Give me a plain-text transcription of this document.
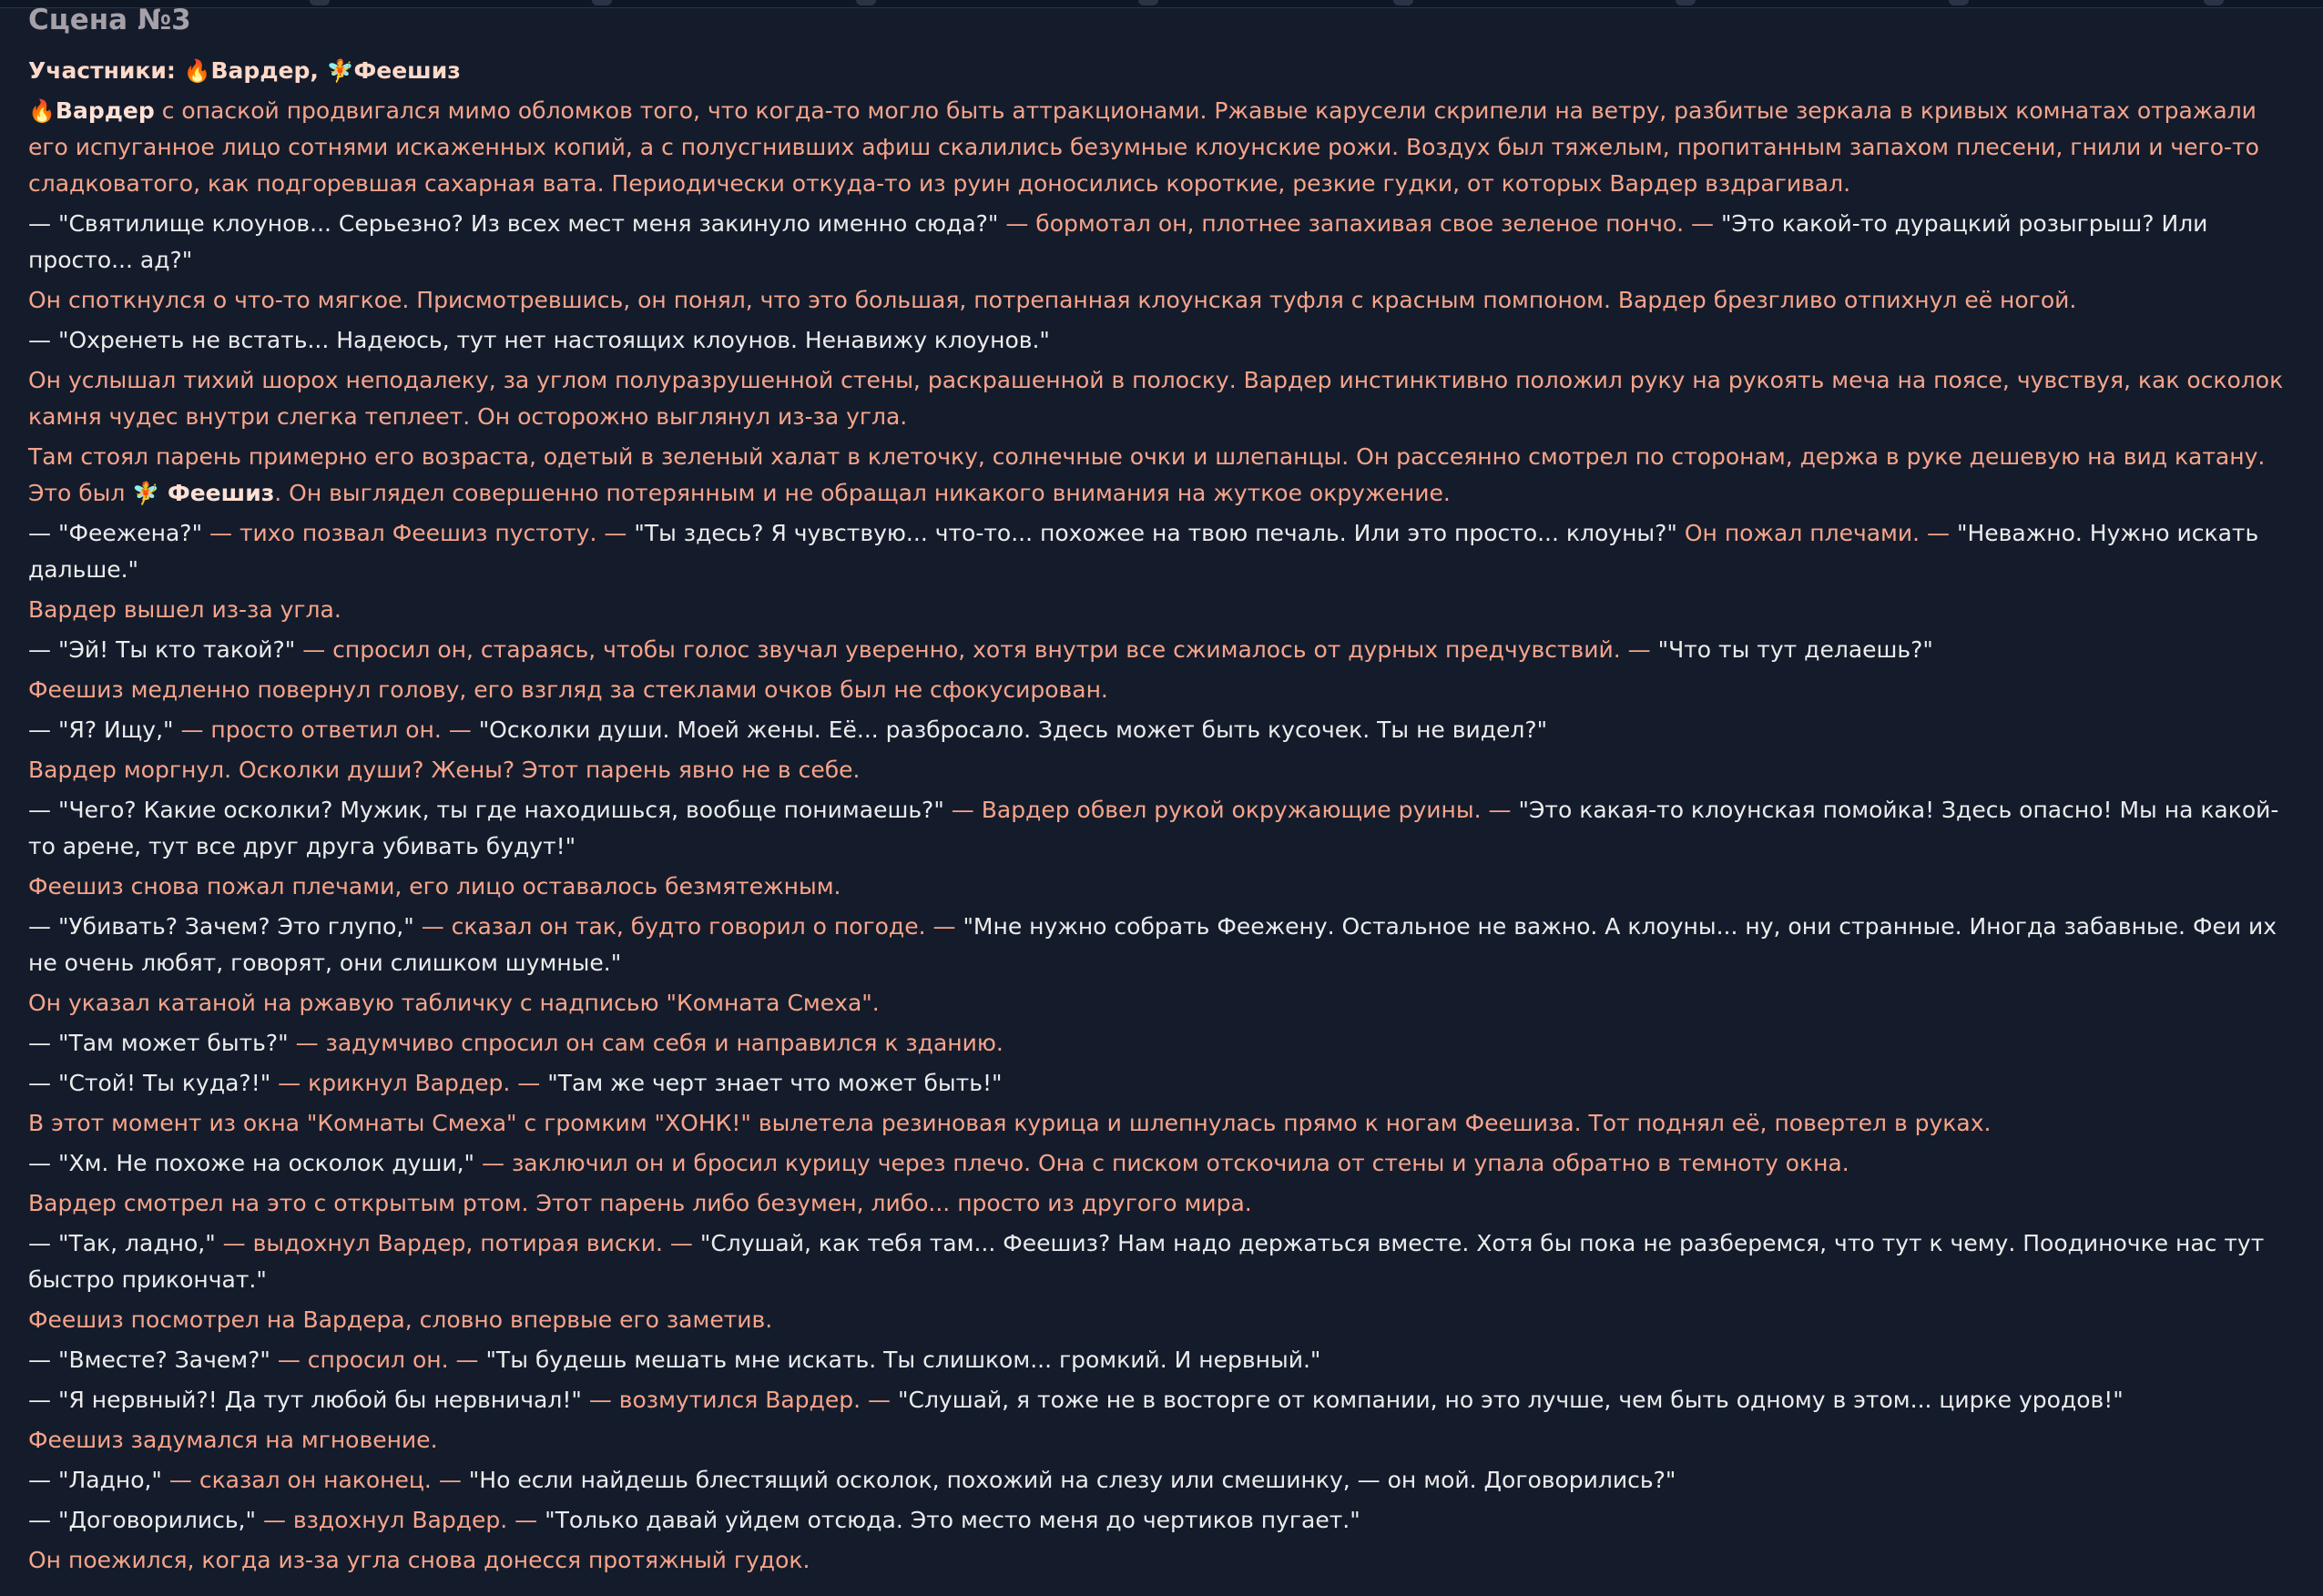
Сцена №3
Участники: 🔥Вардер, 🧚Феешиз
🔥Вардер с опаской продвигался мимо обломков того, что когда-то могло быть аттракционами. Ржавые карусели скрипели на ветру, разбитые зеркала в кривых комнатах отражали его испуганное лицо сотнями искаженных копий, а с полусгнивших афиш скалились безумные клоунские рожи. Воздух был тяжелым, пропитанным запахом плесени, гнили и чего-то сладковатого, как подгоревшая сахарная вата. Периодически откуда-то из руин доносились короткие, резкие гудки, от которых Вардер вздрагивал.
— "Святилище клоунов... Серьезно? Из всех мест меня закинуло именно сюда?" — бормотал он, плотнее запахивая свое зеленое пончо. — "Это какой-то дурацкий розыгрыш? Или просто... ад?"
Он споткнулся о что-то мягкое. Присмотревшись, он понял, что это большая, потрепанная клоунская туфля с красным помпоном. Вардер брезгливо отпихнул её ногой.
— "Охренеть не встать... Надеюсь, тут нет настоящих клоунов. Ненавижу клоунов."
Он услышал тихий шорох неподалеку, за углом полуразрушенной стены, раскрашенной в полоску. Вардер инстинктивно положил руку на рукоять меча на поясе, чувствуя, как осколок камня чудес внутри слегка теплеет. Он осторожно выглянул из-за угла.
Там стоял парень примерно его возраста, одетый в зеленый халат в клеточку, солнечные очки и шлепанцы. Он рассеянно смотрел по сторонам, держа в руке дешевую на вид катану. Это был 🧚 Феешиз. Он выглядел совершенно потерянным и не обращал никакого внимания на жуткое окружение.
— "Феежена?" — тихо позвал Феешиз пустоту. — "Ты здесь? Я чувствую... что-то... похожее на твою печаль. Или это просто... клоуны?" Он пожал плечами. — "Неважно. Нужно искать дальше."
Вардер вышел из-за угла.
— "Эй! Ты кто такой?" — спросил он, стараясь, чтобы голос звучал уверенно, хотя внутри все сжималось от дурных предчувствий. — "Что ты тут делаешь?"
Феешиз медленно повернул голову, его взгляд за стеклами очков был не сфокусирован.
— "Я? Ищу," — просто ответил он. — "Осколки души. Моей жены. Её... разбросало. Здесь может быть кусочек. Ты не видел?"
Вардер моргнул. Осколки души? Жены? Этот парень явно не в себе.
— "Чего? Какие осколки? Мужик, ты где находишься, вообще понимаешь?" — Вардер обвел рукой окружающие руины. — "Это какая-то клоунская помойка! Здесь опасно! Мы на какой-то арене, тут все друг друга убивать будут!"
Феешиз снова пожал плечами, его лицо оставалось безмятежным.
— "Убивать? Зачем? Это глупо," — сказал он так, будто говорил о погоде. — "Мне нужно собрать Феежену. Остальное не важно. А клоуны... ну, они странные. Иногда забавные. Феи их не очень любят, говорят, они слишком шумные."
Он указал катаной на ржавую табличку с надписью "Комната Смеха".
— "Там может быть?" — задумчиво спросил он сам себя и направился к зданию.
— "Стой! Ты куда?!" — крикнул Вардер. — "Там же черт знает что может быть!"
В этот момент из окна "Комнаты Смеха" с громким "ХОНК!" вылетела резиновая курица и шлепнулась прямо к ногам Феешиза. Тот поднял её, повертел в руках.
— "Хм. Не похоже на осколок души," — заключил он и бросил курицу через плечо. Она с писком отскочила от стены и упала обратно в темноту окна.
Вардер смотрел на это с открытым ртом. Этот парень либо безумен, либо... просто из другого мира.
— "Так, ладно," — выдохнул Вардер, потирая виски. — "Слушай, как тебя там... Феешиз? Нам надо держаться вместе. Хотя бы пока не разберемся, что тут к чему. Поодиночке нас тут быстро прикончат."
Феешиз посмотрел на Вардера, словно впервые его заметив.
— "Вместе? Зачем?" — спросил он. — "Ты будешь мешать мне искать. Ты слишком... громкий. И нервный."
— "Я нервный?! Да тут любой бы нервничал!" — возмутился Вардер. — "Слушай, я тоже не в восторге от компании, но это лучше, чем быть одному в этом... цирке уродов!"
Феешиз задумался на мгновение.
— "Ладно," — сказал он наконец. — "Но если найдешь блестящий осколок, похожий на слезу или смешинку, — он мой. Договорились?"
— "Договорились," — вздохнул Вардер. — "Только давай уйдем отсюда. Это место меня до чертиков пугает."
Он поежился, когда из-за угла снова донесся протяжный гудок.
